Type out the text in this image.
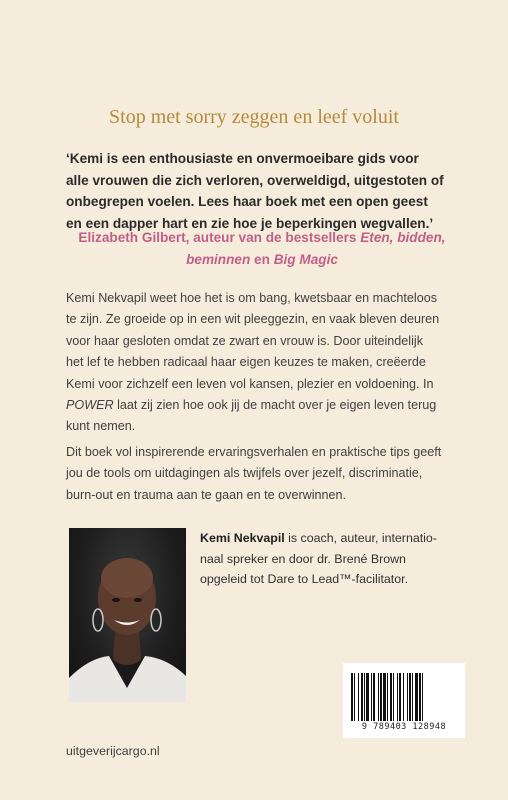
Stop met sorry zeggen en leef voluit
‘Kemi is een enthousiaste en onvermoeibare gids voor
alle vrouwen die zich verloren, overweldigd, uitgestoten of
onbegrepen voelen. Lees haar boek met een open geest
en een dapper hart en zie hoe je beperkingen wegvallen.’
Elizabeth Gilbert, auteur van de bestsellers Eten, bidden,
beminnen en Big Magic
Kemi Nekvapil weet hoe het is om bang, kwetsbaar en machteloos
te zijn. Ze groeide op in een wit pleeggezin, en vaak bleven deuren
voor haar gesloten omdat ze zwart en vrouw is. Door uiteindelijk
het lef te hebben radicaal haar eigen keuzes te maken, creëerde
Kemi voor zichzelf een leven vol kansen, plezier en voldoening. In
POWER laat zij zien hoe ook jij de macht over je eigen leven terug
kunt nemen.
Dit boek vol inspirerende ervaringsverhalen en praktische tips geeft
jou de tools om uitdagingen als twijfels over jezelf, discriminatie,
burn-out en trauma aan te gaan en te overwinnen.
Kemi Nekvapil is coach, auteur, internatio-
naal spreker en door dr. Brené Brown
opgeleid tot Dare to Lead™-facilitator.
uitgeverijcargo.nl
9 789403 128948
